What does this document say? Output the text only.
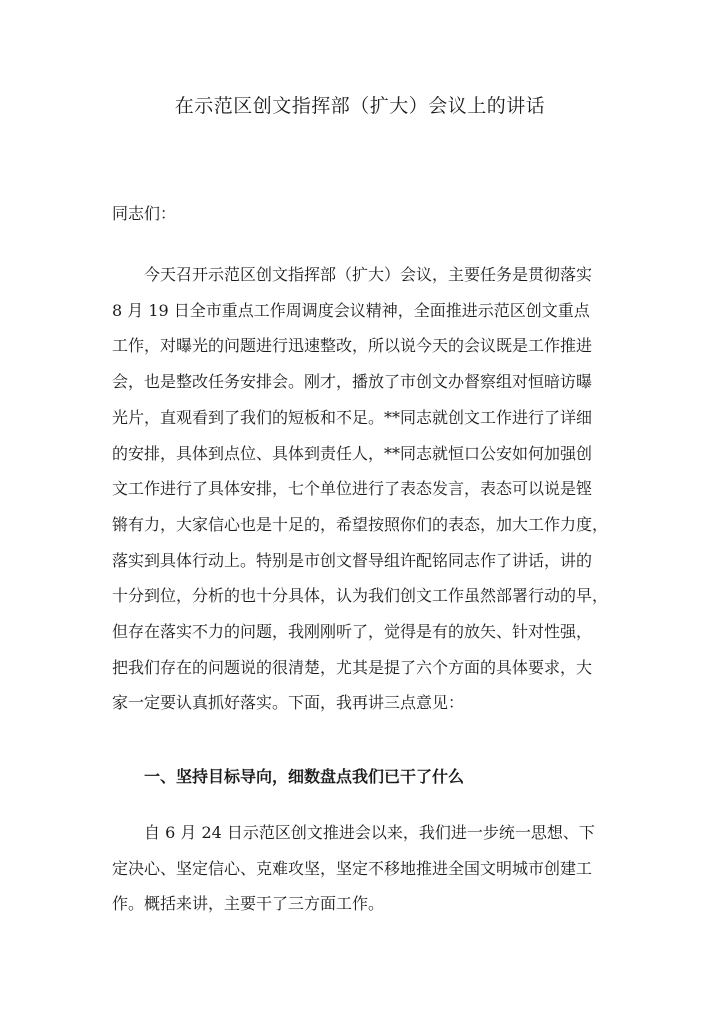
在示范区创文指挥部（扩大）会议上的讲话
同志们：
今天召开示范区创文指挥部（扩大）会议，主要任务是贯彻落实
8 月 19 日全市重点工作周调度会议精神，全面推进示范区创文重点
工作，对曝光的问题进行迅速整改，所以说今天的会议既是工作推进
会，也是整改任务安排会。刚才，播放了市创文办督察组对恒暗访曝
光片，直观看到了我们的短板和不足。**同志就创文工作进行了详细
的安排，具体到点位、具体到责任人，**同志就恒口公安如何加强创
文工作进行了具体安排，七个单位进行了表态发言，表态可以说是铿
锵有力，大家信心也是十足的，希望按照你们的表态，加大工作力度，
落实到具体行动上。特别是市创文督导组许配铭同志作了讲话，讲的
十分到位，分析的也十分具体，认为我们创文工作虽然部署行动的早，
但存在落实不力的问题，我刚刚听了，觉得是有的放矢、针对性强，
把我们存在的问题说的很清楚，尤其是提了六个方面的具体要求，大
家一定要认真抓好落实。下面，我再讲三点意见：
一、坚持目标导向，细数盘点我们已干了什么
自 6 月 24 日示范区创文推进会以来，我们进一步统一思想、下
定决心、坚定信心、克难攻坚，坚定不移地推进全国文明城市创建工
作。概括来讲，主要干了三方面工作。
